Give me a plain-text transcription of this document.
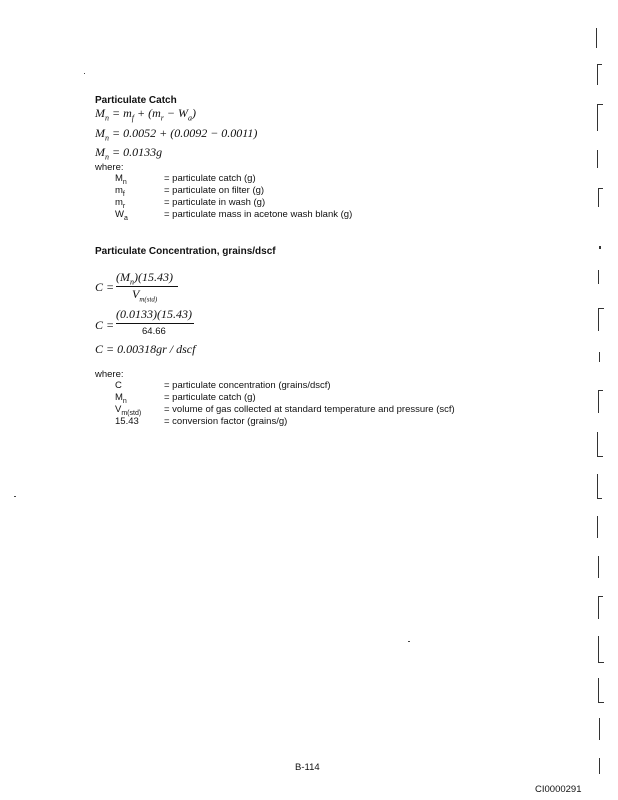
Particulate Catch
$M_n = m_f + (m_r - W_a)$
$M_n = 0.0052 + (0.0092 - 0.0011)$
$M_n = 0.0133g$
where:
$M_n$	= particulate catch (g)
$m_f$	= particulate on filter (g)
$m_r$	= particulate in wash (g)
$W_a$	= particulate mass in acetone wash blank (g)
Particulate Concentration, grains/dscf
C =
$(M_n)(15.43)$
$V_{m(std)}$
C =
(0.0133)(15.43)
64.66
C = 0.00318gr / dscf
where:
C	= particulate concentration (grains/dscf)
$M_n$	= particulate catch (g)
$V_{m(std)}$ = volume of gas collected at standard temperature and pressure (scf)
15.43	= conversion factor (grains/g)
B-114
CI0000291
